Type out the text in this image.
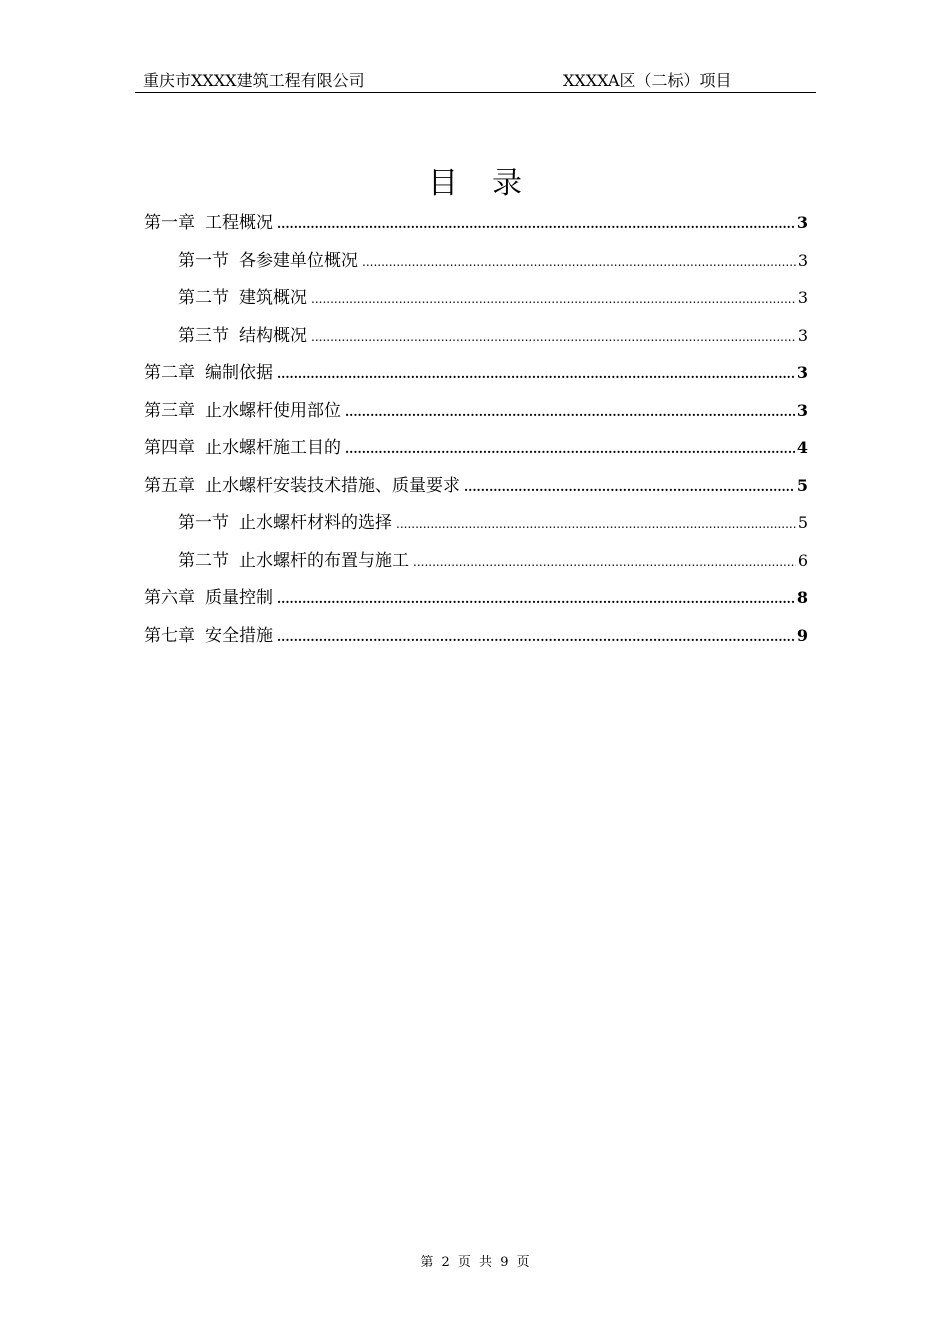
重庆市XXXX建筑工程有限公司	XXXXA区（二标）项目
目录
第一章 工程概况 .....	3
第一节 各参建单位概况 .....	3
第二节 建筑概况 .....	3
第三节 结构概况 .....	3
第二章 编制依据 .....	3
第三章 止水螺杆使用部位 .....	3
第四章 止水螺杆施工目的 .....	4
第五章 止水螺杆安装技术措施、质量要求 .....	5
第一节 止水螺杆材料的选择 .....	5
第二节 止水螺杆的布置与施工 .....	6
第六章 质量控制 .....	8
第七章 安全措施 .....	9
第 2 页 共 9 页
